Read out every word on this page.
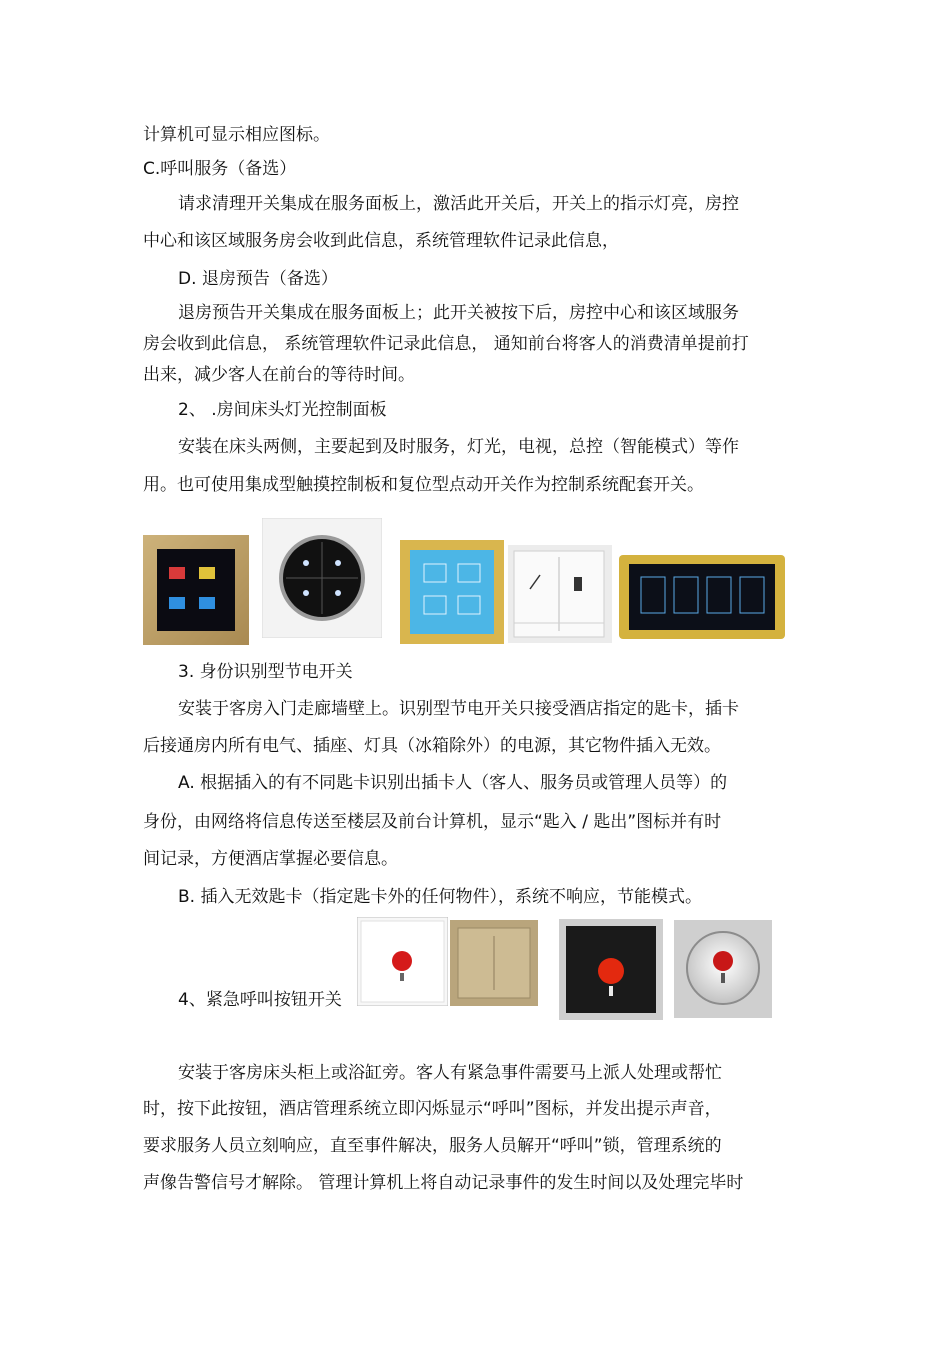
计算机可显示相应图标。
C.呼叫服务（备选）
请求清理开关集成在服务面板上，激活此开关后，开关上的指示灯亮，房控
中心和该区域服务房会收到此信息，系统管理软件记录此信息，
D. 退房预告（备选）
退房预告开关集成在服务面板上；此开关被按下后，房控中心和该区域服务
房会收到此信息， 系统管理软件记录此信息， 通知前台将客人的消费清单提前打
出来，减少客人在前台的等待时间。
2、 .房间床头灯光控制面板
安装在床头两侧，主要起到及时服务，灯光，电视，总控（智能模式）等作
用。也可使用集成型触摸控制板和复位型点动开关作为控制系统配套开关。
3. 身份识别型节电开关
安装于客房入门走廊墙壁上。识别型节电开关只接受酒店指定的匙卡，插卡
后接通房内所有电气、插座、灯具（冰箱除外）的电源，其它物件插入无效。
A. 根据插入的有不同匙卡识别出插卡人（客人、服务员或管理人员等）的
身份，由网络将信息传送至楼层及前台计算机，显示“匙入 / 匙出”图标并有时
间记录，方便酒店掌握必要信息。
B. 插入无效匙卡（指定匙卡外的任何物件），系统不响应，节能模式。
4、紧急呼叫按钮开关
安装于客房床头柜上或浴缸旁。客人有紧急事件需要马上派人处理或帮忙
时，按下此按钮，酒店管理系统立即闪烁显示“呼叫”图标，并发出提示声音，
要求服务人员立刻响应，直至事件解决，服务人员解开“呼叫”锁，管理系统的
声像告警信号才解除。 管理计算机上将自动记录事件的发生时间以及处理完毕时
